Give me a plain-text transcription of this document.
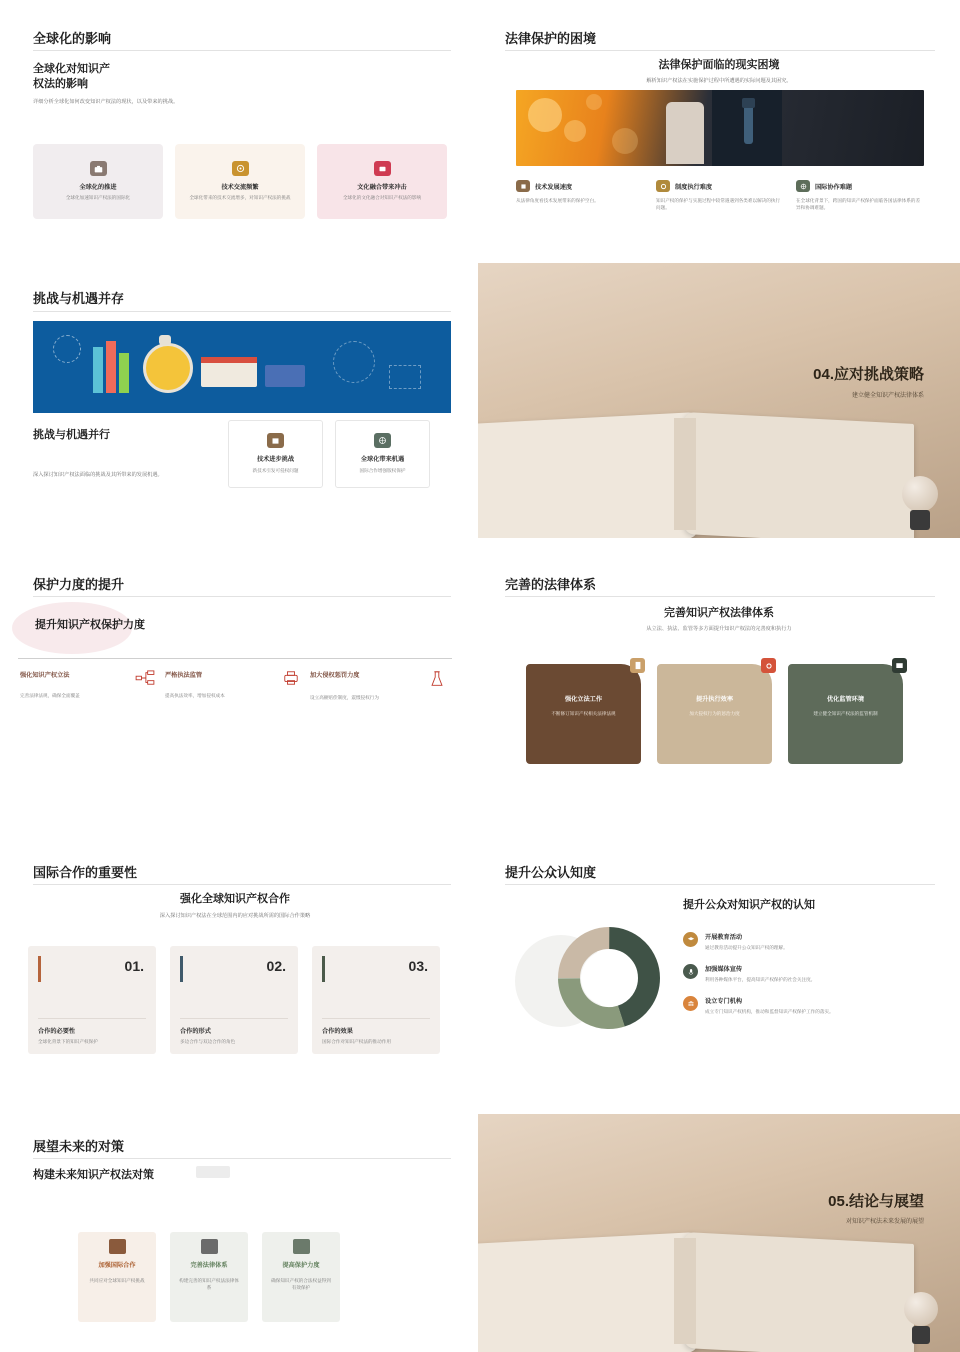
全球化的影响
全球化对知识产
权法的影响
详细分析全球化如何改变知识产权法的现状，以及带来的挑战。
全球化的推进
全球化加速知识产权法的国际化
技术交流频繁
全球化带来的技术交流增多，对知识产权法的挑战
文化融合带来冲击
全球化的文化融合对知识产权法的影响
法律保护的困境
法律保护面临的现实困境
解析知识产权法在实施保护过程中所遭遇的实际问题及其困究。
技术发展速度
从法律角度看技术发展带来的保护空白。
制度执行难度
知识产权的保护与实施过程中较常遇遇到各类难以解决的执行问题。
国际协作难题
在全球化背景下，跨国的知识产权保护面临各国法律体系的差异和协调难题。
挑战与机遇并存
挑战与机遇并行
深入探讨知识产权法面临的挑战及其所带来的发展机遇。
技术进步挑战
新技术引发可侵权问题
全球化带来机遇
国际合作增强版权保护
04.应对挑战策略
建立健全知识产权法律体系
保护力度的提升
提升知识产权保护力度
强化知识产权立法
完善法律法规，确保全面覆盖
严格执法监管
提高执法效率，增加侵权成本
加大侵权惩罚力度
设立高额赔偿制度，震慑侵权行为
完善的法律体系
完善知识产权法律体系
从立法、执法、监管等多方面提升知识产权法的完善度和执行力
强化立法工作
不断修订知识产权相关法律法规
提升执行效率
加大侵权行为的惩治力度
优化监管环境
建立健全知识产权法的监管机制
国际合作的重要性
强化全球知识产权合作
深入探讨知识产权法在全球范围内的应对挑战所需的国际合作策略
01.
合作的必要性
全球化背景下的知识产权保护
02.
合作的形式
多边合作与双边合作的角色
03.
合作的效果
国际合作对知识产权法的推动作用
提升公众认知度
提升公众对知识产权的认知
开展教育活动
通过教育活动提升公众知识产权的理解。
加强媒体宣传
利用各种媒体平台，提高知识产权保护的社会关注度。
设立专门机构
成立专门知识产权机构，推动和监督知识产权保护工作的落实。
展望未来的对策
构建未来知识产权法对策
加强国际合作
共同应对全球知识产权挑战
完善法律体系
构建完善的知识产权法法律体系
提高保护力度
确保知识产权的合法权益得到有效保护
05.结论与展望
对知识产权法未来发展的展望
